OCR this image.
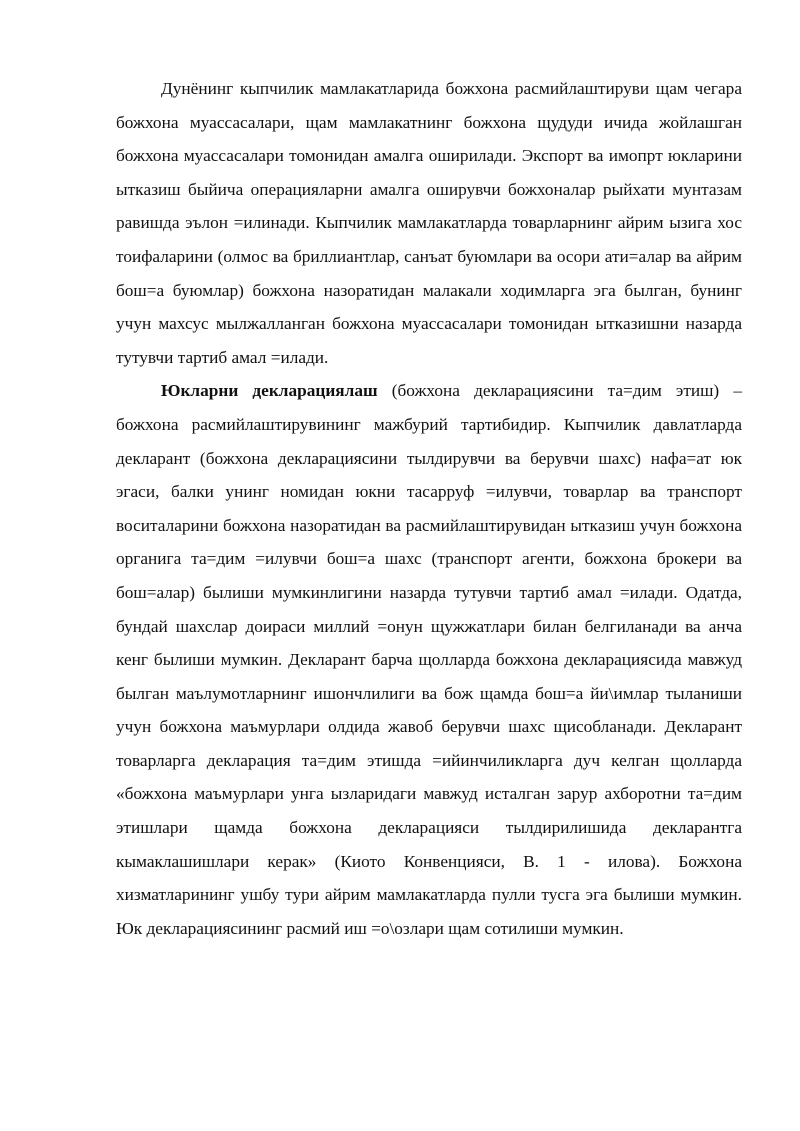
Дунёнинг кыпчилик мамлакатларида божхона расмийлаштируви щам чегара божхона муассасалари, щам мамлакатнинг божхона щудуди ичида жойлашган божхона муассасалари томонидан амалга оширилади. Экспорт ва имопрт юкларини ыткaзиш быйича операцияларни амалга оширувчи божхоналар рыйхати мунтазам равишда эълон =илинади. Кыпчилик мамлакатларда товарларнинг айрим ызига хос тоифаларини (олмос ва бриллиантлар, санъат буюмлари ва осори ати=алар ва айрим бош=а буюмлар) божхона назоратидан малакали ходимларга эга былган, бунинг учун махсус мылжалланган божхона муассасалари томонидан ыткaзишни назарда тутувчи тартиб амал =илади.

Юкларни декларациялаш (божхона декларациясини та=дим этиш) – божхона расмийлаштирувининг мажбурий тартибидир. Кыпчилик давлатларда декларант (божхона декларациясини тылдирувчи ва берувчи шахс) нафа=ат юк эгаси, балки унинг номидан юкни тасарруф =илувчи, товарлар ва транспорт воситаларини божхона назоратидан ва расмийлаштирувидан ыткaзиш учун божхона органига та=дим =илувчи бош=а шахс (транспорт агенти, божхона брокери ва бош=алар) былиши мумкинлигини назарда тутувчи тартиб амал =илади. Одатда, бундай шахслар доираси миллий =онун щужжатлари билан белгиланади ва анча кенг былиши мумкин. Декларант барча щолларда божхона декларациясида мавжуд былган маълумотларнинг ишончлилиги ва бож щамда бош=а йи\имлар тыланиши учун божхона маъмурлари олдида жавоб берувчи шахс щисобланади. Декларант товарларга декларация та=дим этишда =ийинчиликларга дуч келган щолларда «божхона маъмурлари унга ызларидаги мавжуд исталган зарур ахборотни та=дим этишлари щамда божхона декларацияси тылдирилишида декларантга кымаклашишлари керак» (Киото Конвенцияси, В. 1 - илова). Божхона хизматларининг ушбу тури айрим мамлакатларда пулли тусга эга былиши мумкин. Юк декларациясининг расмий иш =о\озлари щам сотилиши мумкин.
